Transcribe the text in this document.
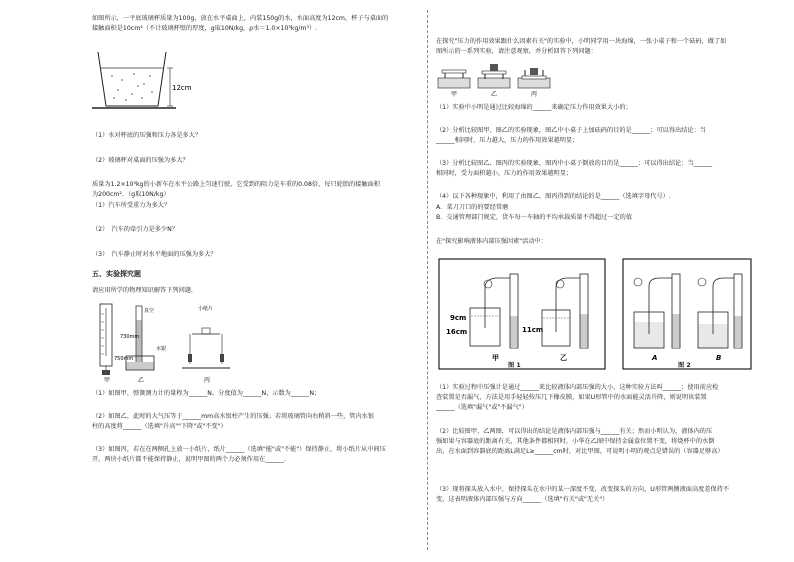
如图所示，一平底玻璃杯质量为100g，放在水平桌面上，内装150g的水，水面高度为12cm，杯子与桌面的
接触面积是10cm²（不计玻璃杯壁的厚度，g取10N/kg，ρ水＝1.0×10³kg/m³）.
12cm
（1）水对杯底的压强和压力各是多大？
（2）玻璃杯对桌面的压强为多大？
质量为1.2×10³kg的小新车在水平公路上匀速行驶，它受到的阻力是车重的0.08倍，每只轮胎的接触面积
为200cm²．（g取10N/kg）
（1）汽车所受重力为多大？
（2）　汽车的牵引力是多少N？
（3）　汽车静止时对水平地面的压强为多大？
五、实验探究题
请应用所学的物理知识解答下列问题.
甲
真空
730mm
750mm
水银
乙
小纸片
丙
（1）如图甲，弹簧测力计的量程为______N，分度值为______N，示数为______N；
（2）如图乙，此时的大气压等于______mm高水银柱产生的压强；若将玻璃管向右稍斜一些，管内水银
柱的高度将______（选填"升高""下降"或"不变"）
（3）如图丙，若在在两侧孔上放一小纸片，纸片______（选填"能"或"不能"）保持静止，将小纸片从中间压
开，两块小纸片都不能保持静止，说明甲图的两个力必须作用在______.
在探究"压力的作用效果跟什么因素有关"的实验中，小明同学用一块海绵，一张小桌子和一个砝码，做了如
图所示的一系列实验，请注意观察，并分析回答下列问题：
甲	乙	丙
（1）实验中小明是通过比较海绵的______来确定压力作用效果大小的；
（2）分析比较图甲、图乙的实验现象，图乙中小桌子上加砝码的目的是______；可以得出结论：当
______相同时，压力越大，压力的作用效果越明显；
（3）分析比较图乙、图丙的实验现象，图丙中小桌子倒放的目的是______；可以得出结论：当______
相同时，受力面积越小，压力的作用效果越明显；
（4）以下各种现象中，利用了由图乙、图丙得到的结论的是______（选填字母代号）.
A．菜刀刀口的的要经常磨
B．交通管理部门规定，货车每一车轴的平均承载质量不得超过一定的值
在"探究影响液体内部压强因素"活动中：
9cm
16cm
甲
11cm
乙
图 1
A	B
图 2
（1）实验过程中压强计是通过______来比较液体内部压强的大小，这种实验方法叫______；使用前应检
查装置是否漏气，方法是用手轻轻按压几下橡皮膜，如果U形管中的水面能灵活升降，则说明该装置
______（选填"漏气"或"不漏气"）
（2）比较图甲、乙两图，可以得出的结论是液体内部压强与______有关；然而小明认为，液体内的压
强如果与容器底的距离有关，其他条件都相同时，小华在乙图中保持金属盒位置不变，将烧杯中的水倒
出，在水面到容器底的距离L满足L≥______cm时，对比甲图，可说明小明的观点是错误的（容器足够高）
（3）现将探头放入水中，保持探头在水中的某一深度不变，改变探头的方向，U形管两侧液面高度差保持不
变，这表明液体内部压强与方向______（选填"有关"或"无关"）
